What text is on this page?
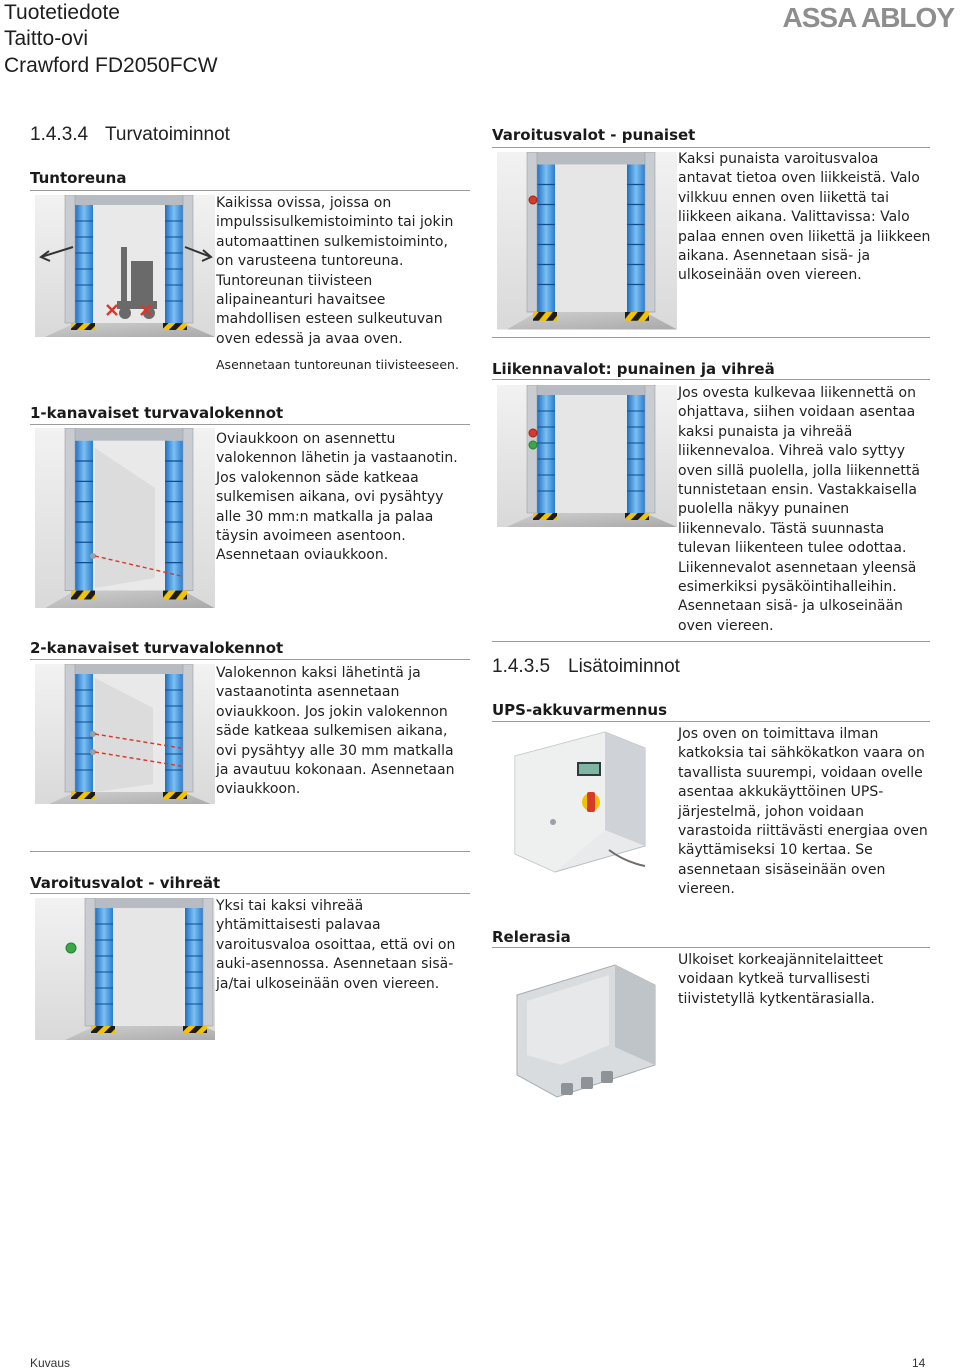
Tuotetiedote
Taitto-ovi
Crawford FD2050FCW
ASSA ABLOY
1.4.3.4 Turvatoiminnot
Tuntoreuna
Kaikissa ovissa, joissa on impulssisulkemistoiminto tai jokin automaattinen sulkemistoiminto, on varusteena tuntoreuna. Tuntoreunan tiivisteen alipaineanturi havaitsee mahdollisen esteen sulkeutuvan oven edessä ja avaa oven.
Asennetaan tuntoreunan tiivisteeseen.
1-kanavaiset turvavalokennot
Oviaukkoon on asennettu valokennon lähetin ja vastaanotin. Jos valokennon säde katkeaa sulkemisen aikana, ovi pysähtyy alle 30 mm:n matkalla ja palaa täysin avoimeen asentoon. Asennetaan oviaukkoon.
2-kanavaiset turvavalokennot
Valokennon kaksi lähetintä ja vastaanotinta asennetaan oviaukkoon. Jos jokin valokennon säde katkeaa sulkemisen aikana, ovi pysähtyy alle 30 mm matkalla ja avautuu kokonaan. Asennetaan oviaukkoon.
Varoitusvalot - vihreät
Yksi tai kaksi vihreää yhtämittaisesti palavaa varoitusvaloa osoittaa, että ovi on auki-asennossa. Asennetaan sisä- ja/tai ulkoseinään oven viereen.
Varoitusvalot - punaiset
Kaksi punaista varoitusvaloa antavat tietoa oven liikkeistä. Valo vilkkuu ennen oven liikettä tai liikkeen aikana. Valittavissa: Valo palaa ennen oven liikettä ja liikkeen aikana. Asennetaan sisä- ja ulkoseinään oven viereen.
Liikennavalot: punainen ja vihreä
Jos ovesta kulkevaa liikennettä on ohjattava, siihen voidaan asentaa kaksi punaista ja vihreää liikennevaloa. Vihreä valo syttyy oven sillä puolella, jolla liikennettä tunnistetaan ensin. Vastakkaisella puolella näkyy punainen liikennevalo. Tästä suunnasta tulevan liikenteen tulee odottaa. Liikennevalot asennetaan yleensä esimerkiksi pysäköintihalleihin. Asennetaan sisä- ja ulkoseinään oven viereen.
1.4.3.5 Lisätoiminnot
UPS-akkuvarmennus
Jos oven on toimittava ilman katkoksia tai sähkökatkon vaara on tavallista suurempi, voidaan ovelle asentaa akkukäyttöinen UPS-järjestelmä, johon voidaan varastoida riittävästi energiaa oven käyttämiseksi 10 kertaa. Se asennetaan sisäseinään oven viereen.
Relerasia
Ulkoiset korkeajännitelaitteet voidaan kytkeä turvallisesti tiivistetyllä kytkentärasialla.
Kuvaus	14
